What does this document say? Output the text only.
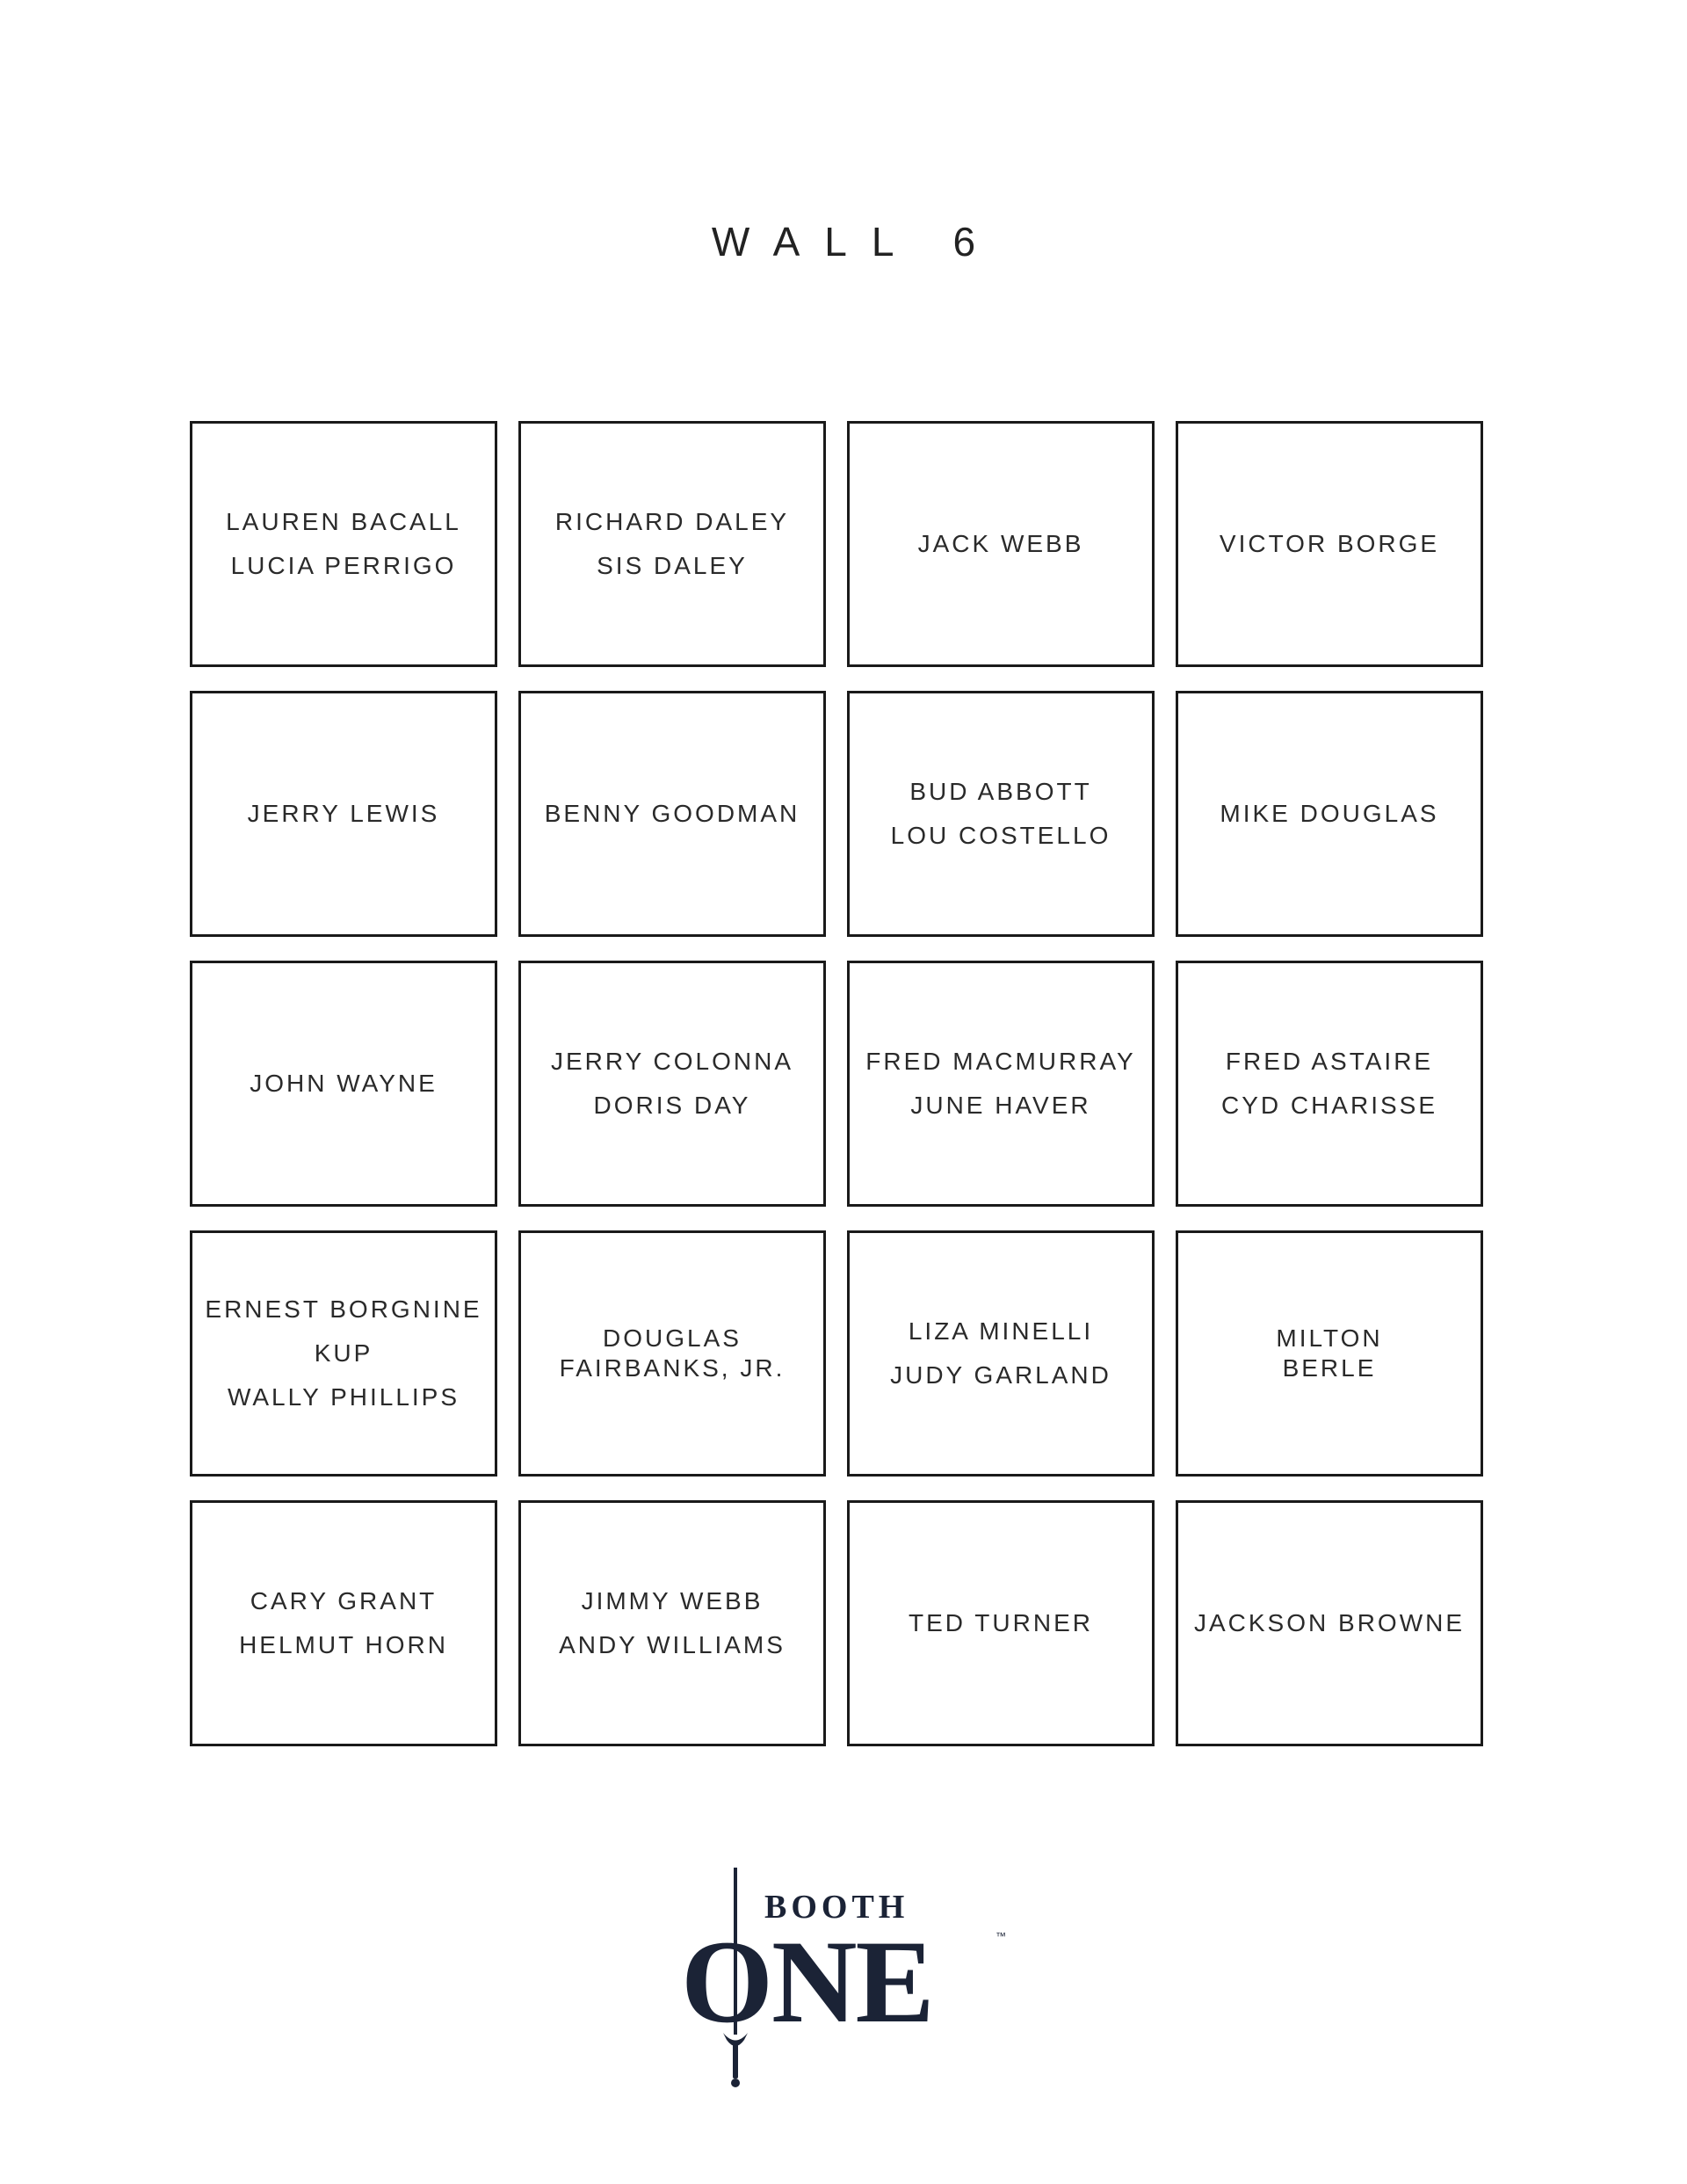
WALL 6
LAUREN BACALL
LUCIA PERRIGO
RICHARD DALEY
SIS DALEY
JACK WEBB	VICTOR BORGE
JERRY LEWIS	BENNY GOODMAN
BUD ABBOTT
LOU COSTELLO
MIKE DOUGLAS
JOHN WAYNE
JERRY COLONNA
DORIS DAY
FRED MACMURRAY
JUNE HAVER
FRED ASTAIRE
CYD CHARISSE
ERNEST BORGNINE
KUP
WALLY PHILLIPS
DOUGLAS
FAIRBANKS, JR.
LIZA MINELLI
JUDY GARLAND
MILTON
BERLE
CARY GRANT
HELMUT HORN
JIMMY WEBB
ANDY WILLIAMS
TED TURNER	JACKSON BROWNE
BOOTH
ONE	™
